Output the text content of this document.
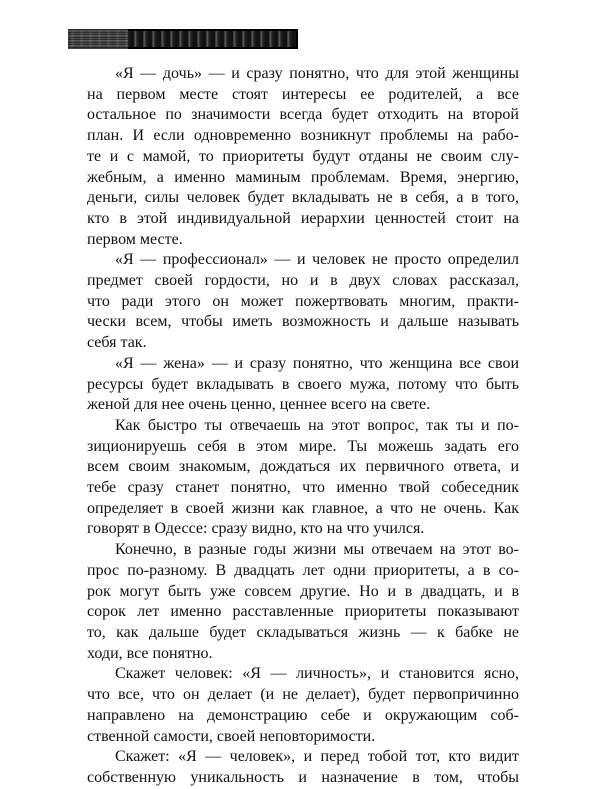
«Я — дочь» — и сразу понятно, что для этой женщины
на первом месте стоят интересы ее родителей, а все
остальное по значимости всегда будет отходить на второй
план. И если одновременно возникнут проблемы на рабо-
те и с мамой, то приоритеты будут отданы не своим слу-
жебным, а именно маминым проблемам. Время, энергию,
деньги, силы человек будет вкладывать не в себя, а в того,
кто в этой индивидуальной иерархии ценностей стоит на
первом месте.
«Я — профессионал» — и человек не просто определил
предмет своей гордости, но и в двух словах рассказал,
что ради этого он может пожертвовать многим, практи-
чески всем, чтобы иметь возможность и дальше называть
себя так.
«Я — жена» — и сразу понятно, что женщина все свои
ресурсы будет вкладывать в своего мужа, потому что быть
женой для нее очень ценно, ценнее всего на свете.
Как быстро ты отвечаешь на этот вопрос, так ты и по-
зиционируешь себя в этом мире. Ты можешь задать его
всем своим знакомым, дождаться их первичного ответа, и
тебе сразу станет понятно, что именно твой собеседник
определяет в своей жизни как главное, а что не очень. Как
говорят в Одессе: сразу видно, кто на что учился.
Конечно, в разные годы жизни мы отвечаем на этот во-
прос по-разному. В двадцать лет одни приоритеты, а в со-
рок могут быть уже совсем другие. Но и в двадцать, и в
сорок лет именно расставленные приоритеты показывают
то, как дальше будет складываться жизнь — к бабке не
ходи, все понятно.
Скажет человек: «Я — личность», и становится ясно,
что все, что он делает (и не делает), будет первопричинно
направлено на демонстрацию себе и окружающим соб-
ственной самости, своей неповторимости.
Скажет: «Я — человек», и перед тобой тот, кто видит
собственную уникальность и назначение в том, чтобы
